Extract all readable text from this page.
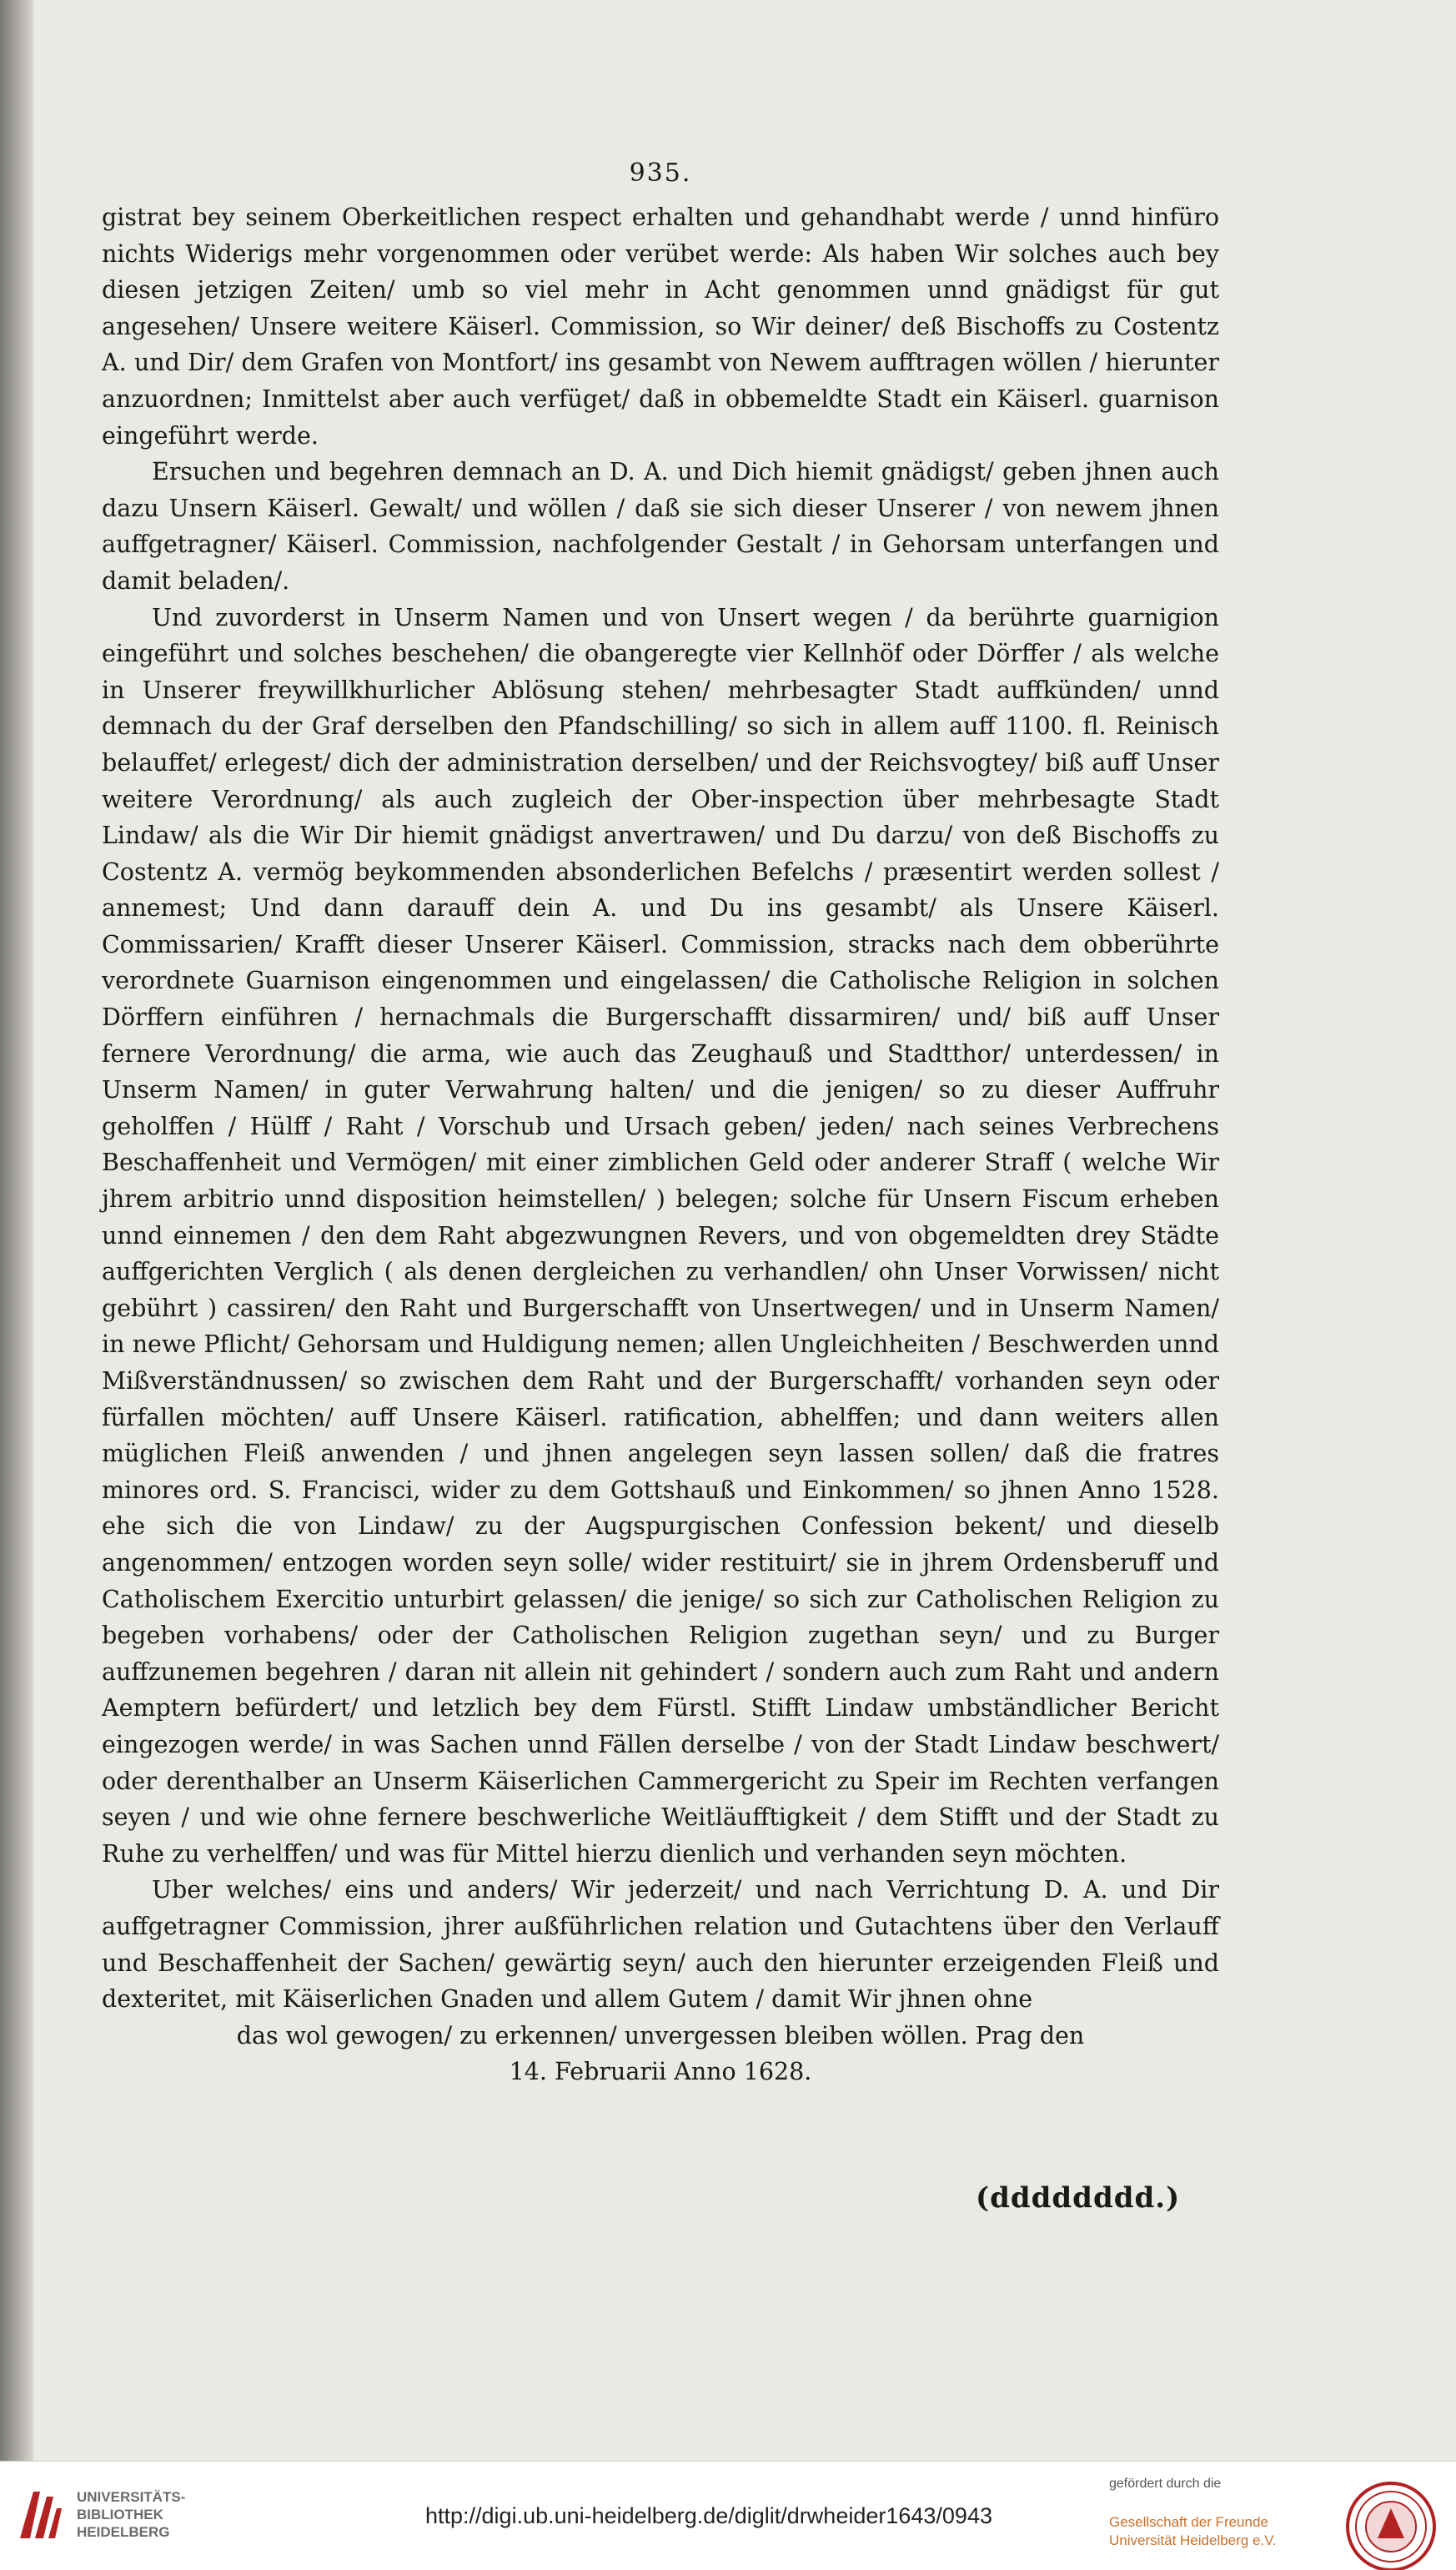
935.

gistrat bey seinem Oberkeitlichen respect erhalten und gehandhabt werde / unnd hinfüro nichts Widerigs mehr vorgenommen oder verübet werde: Als haben Wir solches auch bey diesen jetzigen Zeiten/ umb so viel mehr in Acht genommen unnd gnädigst für gut angesehen/ Unsere weitere Käiserl. Commission, so Wir deiner/ deß Bischoffs zu Costentz A. und Dir/ dem Grafen von Montfort/ ins gesambt von Newem aufftragen wöllen / hierunter anzuordnen; Inmittelst aber auch verfüget/ daß in obbemeldte Stadt ein Käiserl. guarnison eingeführt werde.

Ersuchen und begehren demnach an D. A. und Dich hiemit gnädigst/ geben jhnen auch dazu Unsern Käiserl. Gewalt/ und wöllen / daß sie sich dieser Unserer / von newem jhnen auffgetragner/ Käiserl. Commission, nachfolgender Gestalt / in Gehorsam unterfangen und damit beladen/.

Und zuvorderst in Unserm Namen und von Unsert wegen / da berührte guarnigion eingeführt und solches beschehen/ die obangeregte vier Kellnhöf oder Dörffer / als welche in Unserer freywillkhurlicher Ablösung stehen/ mehrbesagter Stadt auffkünden/ unnd demnach du der Graf derselben den Pfandschilling/ so sich in allem auff 1100. fl. Reinisch belauffet/ erlegest/ dich der administration derselben/ und der Reichsvogtey/ biß auff Unser weitere Verordnung/ als auch zugleich der Ober-inspection über mehrbesagte Stadt Lindaw/ als die Wir Dir hiemit gnädigst anvertrawen/ und Du darzu/ von deß Bischoffs zu Costentz A. vermög beykommenden absonderlichen Befelchs / præsentirt werden sollest / annemest; Und dann darauff dein A. und Du ins gesambt/ als Unsere Käiserl. Commissarien/ Krafft dieser Unserer Käiserl. Commission, stracks nach dem obberührte verordnete Guarnison eingenommen und eingelassen/ die Catholische Religion in solchen Dörffern einführen / hernachmals die Burgerschafft dissarmiren/ und/ biß auff Unser fernere Verordnung/ die arma, wie auch das Zeughauß und Stadtthor/ unterdessen/ in Unserm Namen/ in guter Verwahrung halten/ und die jenigen/ so zu dieser Auffruhr geholffen / Hülff / Raht / Vorschub und Ursach geben/ jeden/ nach seines Verbrechens Beschaffenheit und Vermögen/ mit einer zimblichen Geld oder anderer Straff ( welche Wir jhrem arbitrio unnd disposition heimstellen/ ) belegen; solche für Unsern Fiscum erheben unnd einnemen / den dem Raht abgezwungnen Revers, und von obgemeldten drey Städte auffgerichten Verglich ( als denen dergleichen zu verhandlen/ ohn Unser Vorwissen/ nicht gebührt ) cassiren/ den Raht und Burgerschafft von Unsertwegen/ und in Unserm Namen/ in newe Pflicht/ Gehorsam und Huldigung nemen; allen Ungleichheiten / Beschwerden unnd Mißverständnussen/ so zwischen dem Raht und der Burgerschafft/ vorhanden seyn oder fürfallen möchten/ auff Unsere Käiserl. ratification, abhelffen; und dann weiters allen müglichen Fleiß anwenden / und jhnen angelegen seyn lassen sollen/ daß die fratres minores ord. S. Francisci, wider zu dem Gottshauß und Einkommen/ so jhnen Anno 1528. ehe sich die von Lindaw/ zu der Augspurgischen Confession bekent/ und dieselb angenommen/ entzogen worden seyn solle/ wider restituirt/ sie in jhrem Ordensberuff und Catholischem Exercitio unturbirt gelassen/ die jenige/ so sich zur Catholischen Religion zu begeben vorhabens/ oder der Catholischen Religion zugethan seyn/ und zu Burger auffzunemen begehren / daran nit allein nit gehindert / sondern auch zum Raht und andern Aemptern befürdert/ und letzlich bey dem Fürstl. Stifft Lindaw umbständlicher Bericht eingezogen werde/ in was Sachen unnd Fällen derselbe / von der Stadt Lindaw beschwert/ oder derenthalber an Unserm Käiserlichen Cammergericht zu Speir im Rechten verfangen seyen / und wie ohne fernere beschwerliche Weitläufftigkeit / dem Stifft und der Stadt zu Ruhe zu verhelffen/ und was für Mittel hierzu dienlich und verhanden seyn möchten.

Uber welches/ eins und anders/ Wir jederzeit/ und nach Verrichtung D. A. und Dir auffgetragner Commission, jhrer außführlichen relation und Gutachtens über den Verlauff und Beschaffenheit der Sachen/ gewärtig seyn/ auch den hierunter erzeigenden Fleiß und dexteritet, mit Käiserlichen Gnaden und allem Gutem / damit Wir jhnen ohne

das wol gewogen/ zu erkennen/ unvergessen bleiben wöllen. Prag den

14. Februarii Anno 1628.

(dddddddd.)
UNIVERSITÄTS-
BIBLIOTHEK
HEIDELBERG
http://digi.ub.uni-heidelberg.de/diglit/drwheider1643/0943
gefördert durch die
Gesellschaft der Freunde
Universität Heidelberg e.V.
